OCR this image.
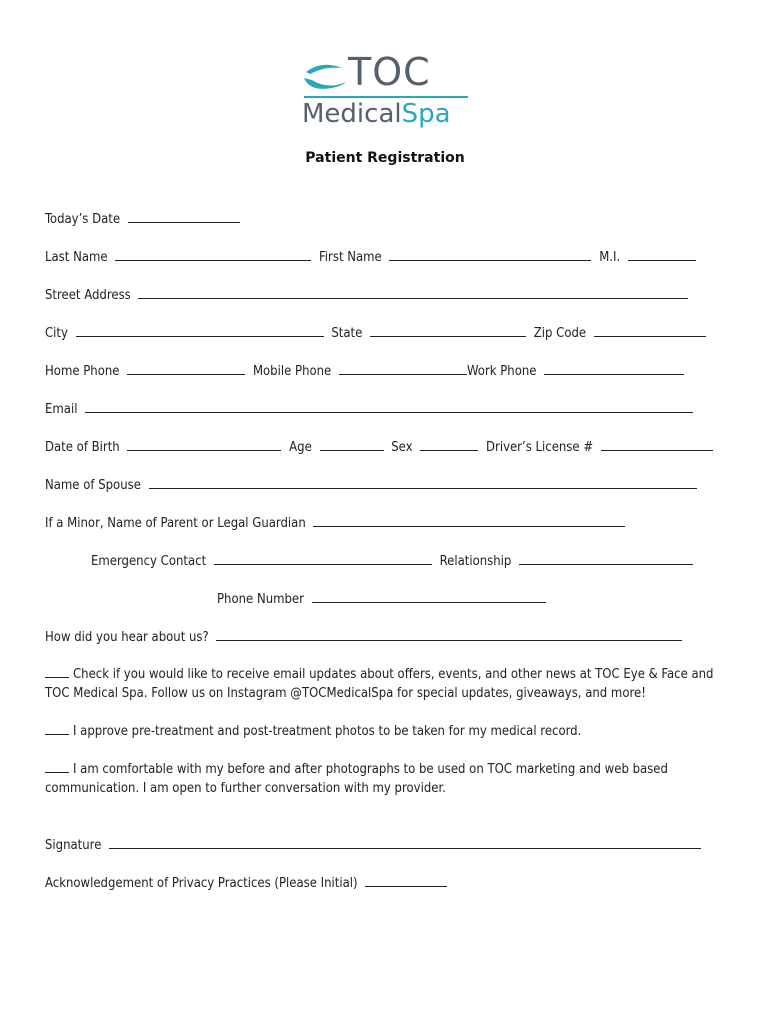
TOC
MedicalSpa
Patient Registration
Today’s Date
Last Name	First Name	M.I.
Street Address
City	State	Zip Code
Home Phone	Mobile Phone	Work Phone
Email
Date of Birth	Age	Sex	Driver’s License #
Name of Spouse
If a Minor, Name of Parent or Legal Guardian
Emergency Contact	Relationship
Phone Number
How did you hear about us?
Check if you would like to receive email updates about offers, events, and other news at TOC Eye & Face and TOC Medical Spa. Follow us on Instagram @TOCMedicalSpa for special updates, giveaways, and more!
I approve pre-treatment and post-treatment photos to be taken for my medical record.
I am comfortable with my before and after photographs to be used on TOC marketing and web based communication. I am open to further conversation with my provider.
Signature
Acknowledgement of Privacy Practices (Please Initial)
